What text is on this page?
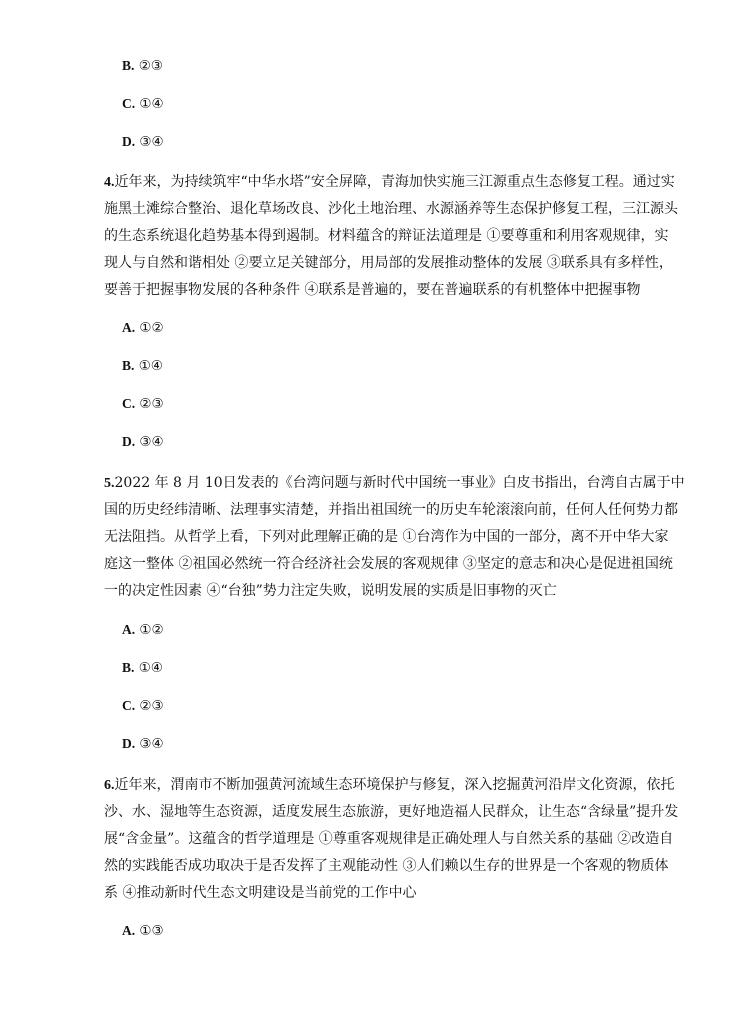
B. ②③
C. ①④
D. ③④
4.近年来，为持续筑牢“中华水塔”安全屏障，青海加快实施三江源重点生态修复工程。通过实
施黑土滩综合整治、退化草场改良、沙化土地治理、水源涵养等生态保护修复工程，三江源头
的生态系统退化趋势基本得到遏制。材料蕴含的辩证法道理是 ①要尊重和利用客观规律，实
现人与自然和谐相处 ②要立足关键部分，用局部的发展推动整体的发展 ③联系具有多样性，
要善于把握事物发展的各种条件 ④联系是普遍的，要在普遍联系的有机整体中把握事物
A. ①②
B. ①④
C. ②③
D. ③④
5.2022 年 8 月 10日发表的《台湾问题与新时代中国统一事业》白皮书指出，台湾自古属于中
国的历史经纬清晰、法理事实清楚，并指出祖国统一的历史车轮滚滚向前，任何人任何势力都
无法阻挡。从哲学上看，下列对此理解正确的是 ①台湾作为中国的一部分，离不开中华大家
庭这一整体 ②祖国必然统一符合经济社会发展的客观规律 ③坚定的意志和决心是促进祖国统
一的决定性因素 ④“台独”势力注定失败，说明发展的实质是旧事物的灭亡
A. ①②
B. ①④
C. ②③
D. ③④
6.近年来，渭南市不断加强黄河流域生态环境保护与修复，深入挖掘黄河沿岸文化资源，依托
沙、水、湿地等生态资源，适度发展生态旅游，更好地造福人民群众，让生态“含绿量”提升发
展“含金量”。这蕴含的哲学道理是 ①尊重客观规律是正确处理人与自然关系的基础 ②改造自
然的实践能否成功取决于是否发挥了主观能动性 ③人们赖以生存的世界是一个客观的物质体
系 ④推动新时代生态文明建设是当前党的工作中心
A. ①③
